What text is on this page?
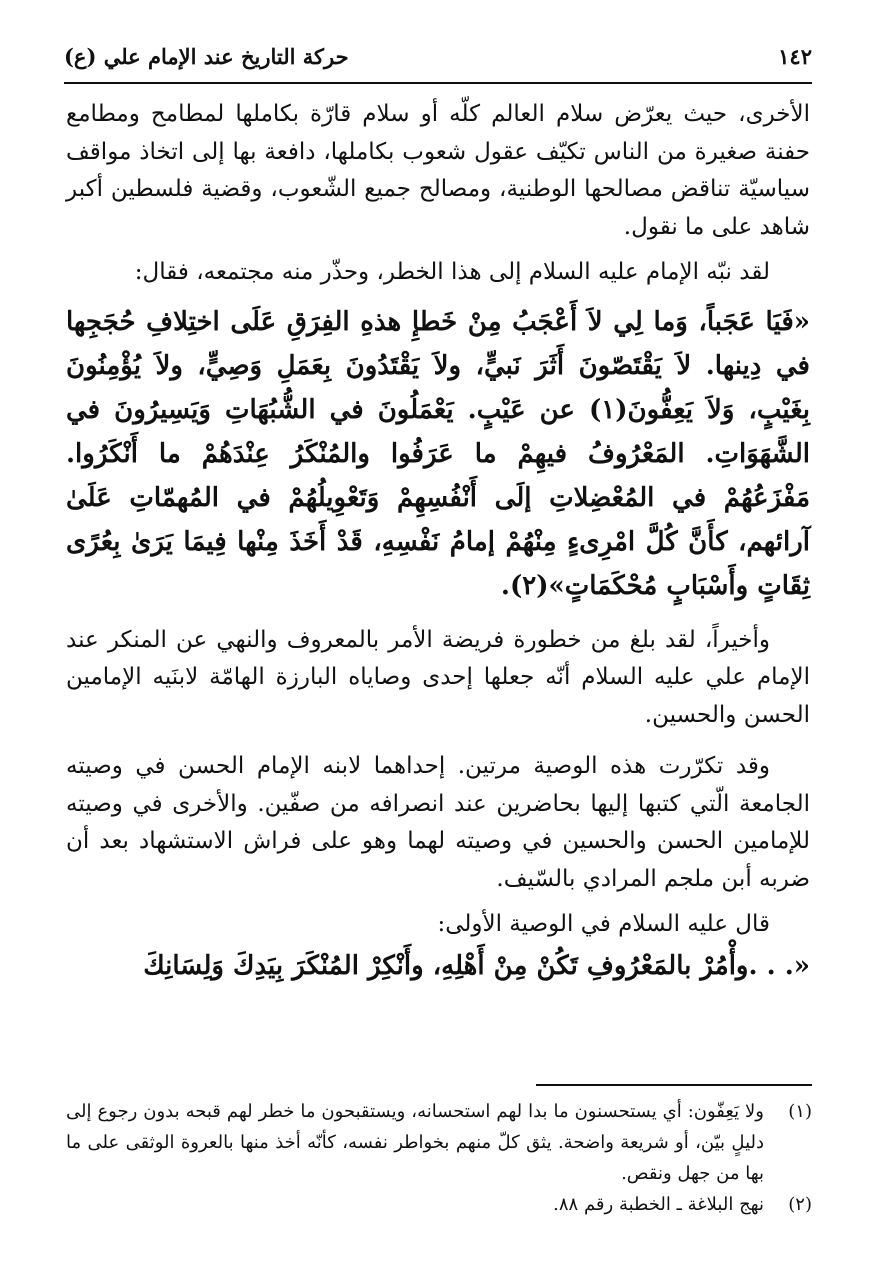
١٤٢
حركة التاريخ عند الإمام علي (ع)

الأخرى، حيث يعرّض سلام العالم كلّه أو سلام قارّة بكاملها لمطامح ومطامع حفنة صغيرة من الناس تكيّف عقول شعوب بكاملها، دافعة بها إلى اتخاذ مواقف سياسيّة تناقض مصالحها الوطنية، ومصالح جميع الشّعوب، وقضية فلسطين أكبر شاهد على ما نقول.

لقد نبّه الإمام عليه السلام إلى هذا الخطر، وحذّر منه مجتمعه، فقال:

«فَيَا عَجَباً، وَما لِي لاَ أَعْجَبُ مِنْ خَطإِ هذهِ الفِرَقِ عَلَى اختِلافِ حُجَجِها في دِينها. لاَ يَقْتَصّونَ أَثَرَ نَبيٍّ، ولاَ يَقْتَدُونَ بِعَمَلِ وَصِيٍّ، ولاَ يُؤْمِنُونَ بِغَيْبٍ، وَلاَ يَعِفُّونَ(١) عن عَيْبٍ. يَعْمَلُونَ في الشُّبُهَاتِ وَيَسِيرُونَ في الشَّهَوَاتِ. المَعْرُوفُ فيهِمْ ما عَرَفُوا والمُنْكَرُ عِنْدَهُمْ ما أَنْكَرُوا. مَفْزَعُهُمْ في المُعْضِلاتِ إلَى أَنْفُسِهِمْ وَتَعْوِيلُهُمْ في المُهمّاتِ عَلَىٰ آرائهم، كأَنَّ كُلَّ امْرِىءٍ مِنْهُمْ إمامُ نَفْسِهِ، قَدْ أَخَذَ مِنْها فِيمَا يَرَىٰ بِعُرًى ثِقَاتٍ وأَسْبَابٍ مُحْكَمَاتٍ»(٢).

وأخيراً، لقد بلغ من خطورة فريضة الأمر بالمعروف والنهي عن المنكر عند الإمام علي عليه السلام أنّه جعلها إحدى وصاياه البارزة الهامّة لابنَيه الإمامين الحسن والحسين.

وقد تكرّرت هذه الوصية مرتين. إحداهما لابنه الإمام الحسن في وصيته الجامعة الّتي كتبها إليها بحاضرين عند انصرافه من صفّين. والأخرى في وصيته للإمامين الحسن والحسين في وصيته لهما وهو على فراش الاستشهاد بعد أن ضربه أبن ملجم المرادي بالسّيف.

قال عليه السلام في الوصية الأولى:

«. . .وأْمُرْ بالمَعْرُوفِ تَكُنْ مِنْ أَهْلِهِ، وأَنْكِرْ المُنْكَرَ بِيَدِكَ وَلِسَانِكَ

(١)
ولا يَعِفّون: أي يستحسنون ما بدا لهم استحسانه، ويستقبحون ما خطر لهم قبحه بدون رجوع إلى دليلٍ بيّن، أو شريعة واضحة. يثق كلّ منهم بخواطر نفسه، كأنّه أخذ منها بالعروة الوثقى على ما بها من جهل ونقص.
(٢)
نهج البلاغة ـ الخطبة رقم ٨٨.
